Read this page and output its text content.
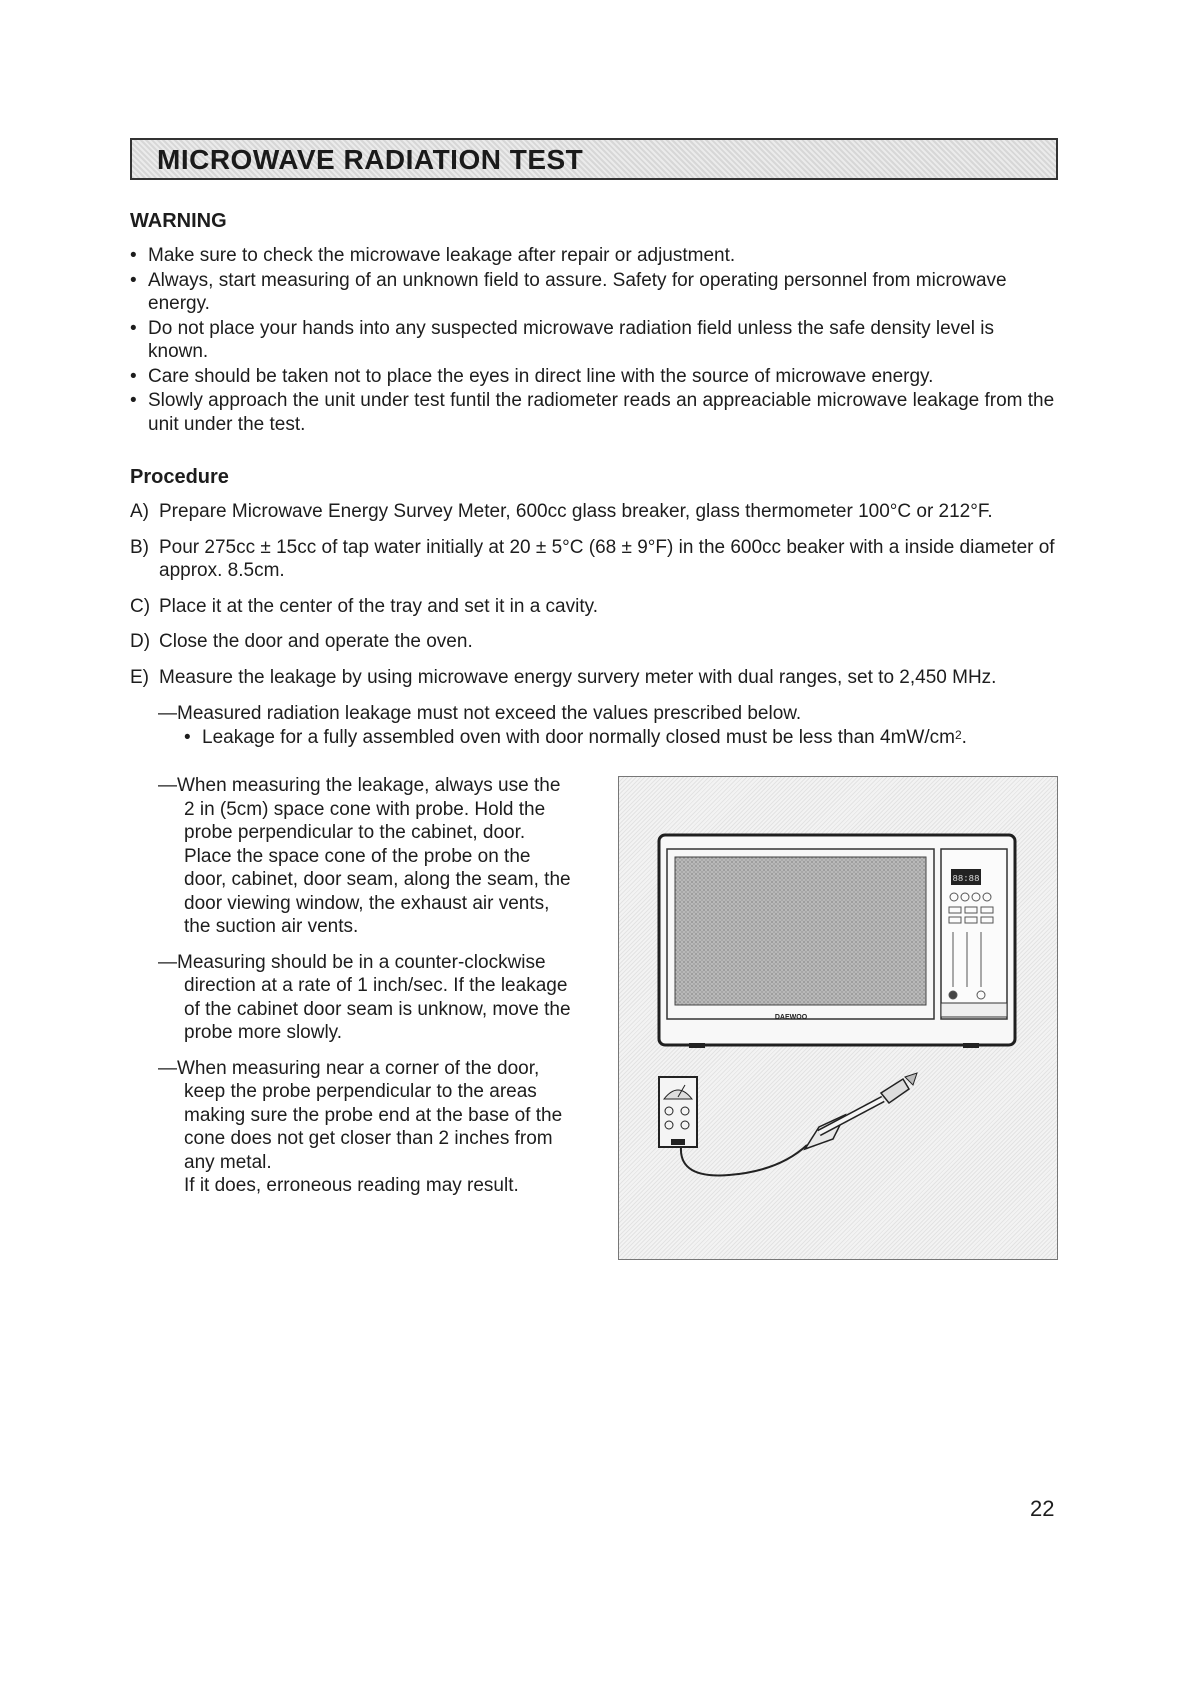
MICROWAVE RADIATION TEST
WARNING
• Make sure to check the microwave leakage after repair or adjustment.
• Always, start measuring of an unknown field to assure. Safety for operating personnel from microwave energy.
• Do not place your hands into any suspected microwave radiation field unless the safe density level is known.
• Care should be taken not to place the eyes in direct line with the source of microwave energy.
• Slowly approach the unit under test funtil the radiometer reads an appreaciable microwave leakage from the unit under the test.
Procedure
A) Prepare Microwave Energy Survey Meter, 600cc glass breaker, glass thermometer 100°C or 212°F.
B) Pour 275cc ± 15cc of tap water initially at 20 ± 5°C (68 ± 9°F) in the 600cc beaker with a inside diameter of approx. 8.5cm.
C) Place it at the center of the tray and set it in a cavity.
D) Close the door and operate the oven.
E) Measure the leakage by using microwave energy survery meter with dual ranges, set to 2,450 MHz.
—Measured radiation leakage must not exceed the values prescribed below.
• Leakage for a fully assembled oven with door normally closed must be less than $4mW/cm^2$.
—When measuring the leakage, always use the 2 in (5cm) space cone with probe. Hold the probe perpendicular to the cabinet, door. Place the space cone of the probe on the door, cabinet, door seam, along the seam, the door viewing window, the exhaust air vents, the suction air vents.
—Measuring should be in a counter-clockwise direction at a rate of 1 inch/sec. If the leakage of the cabinet door seam is unknow, move the probe more slowly.
—When measuring near a corner of the door, keep the probe perpendicular to the areas making sure the probe end at the base of the cone does not get closer than 2 inches from any metal.
If it does, erroneous reading may result.
88:88
DAEWOO
22
